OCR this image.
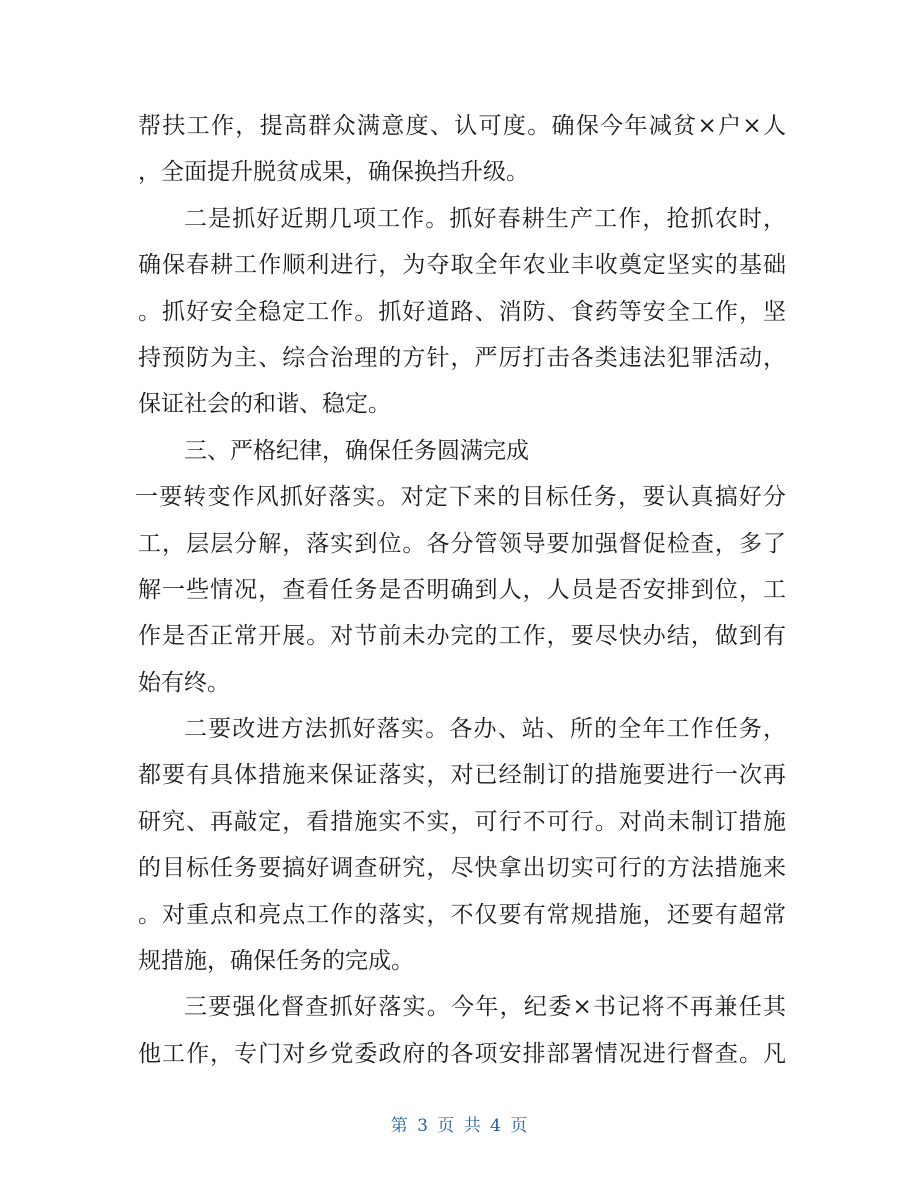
帮扶工作，提高群众满意度、认可度。确保今年减贫×户×人
，全面提升脱贫成果，确保换挡升级。
二是抓好近期几项工作。抓好春耕生产工作，抢抓农时，
确保春耕工作顺利进行，为夺取全年农业丰收奠定坚实的基础
。抓好安全稳定工作。抓好道路、消防、食药等安全工作，坚
持预防为主、综合治理的方针，严厉打击各类违法犯罪活动，
保证社会的和谐、稳定。
三、严格纪律，确保任务圆满完成
一要转变作风抓好落实。对定下来的目标任务，要认真搞好分
工，层层分解，落实到位。各分管领导要加强督促检查，多了
解一些情况，查看任务是否明确到人，人员是否安排到位，工
作是否正常开展。对节前未办完的工作，要尽快办结，做到有
始有终。
二要改进方法抓好落实。各办、站、所的全年工作任务，
都要有具体措施来保证落实，对已经制订的措施要进行一次再
研究、再敲定，看措施实不实，可行不可行。对尚未制订措施
的目标任务要搞好调查研究，尽快拿出切实可行的方法措施来
。对重点和亮点工作的落实，不仅要有常规措施，还要有超常
规措施，确保任务的完成。
三要强化督查抓好落实。今年，纪委×书记将不再兼任其
他工作，专门对乡党委政府的各项安排部署情况进行督查。凡
第 3 页 共 4 页
